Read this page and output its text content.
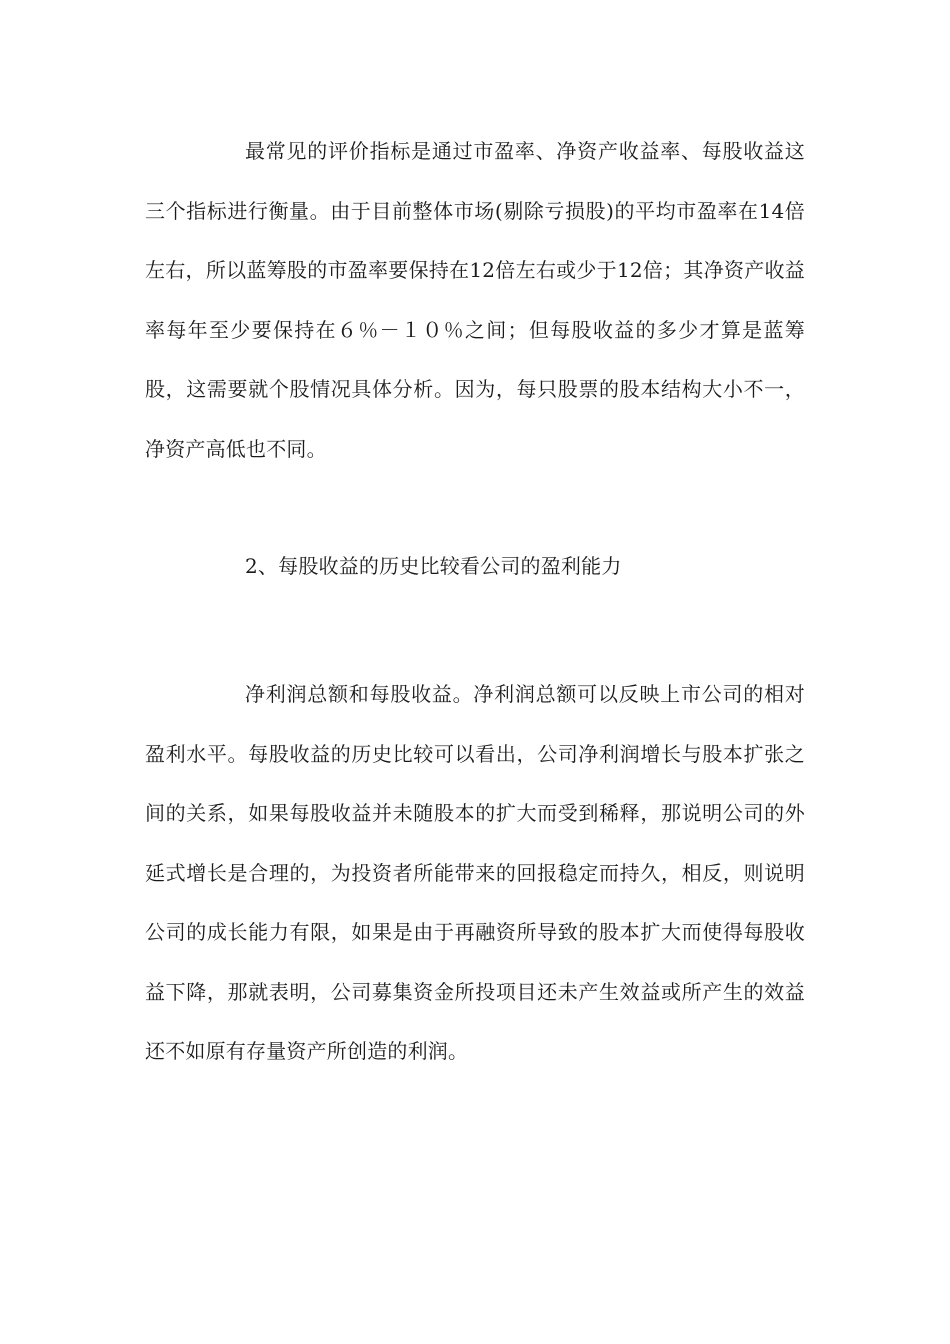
最常见的评价指标是通过市盈率、净资产收益率、每股收益这三个指标进行衡量。由于目前整体市场(剔除亏损股)的平均市盈率在14倍左右，所以蓝筹股的市盈率要保持在12倍左右或少于12倍；其净资产收益率每年至少要保持在６％－１０％之间；但每股收益的多少才算是蓝筹股，这需要就个股情况具体分析。因为，每只股票的股本结构大小不一，净资产高低也不同。

2、每股收益的历史比较看公司的盈利能力

净利润总额和每股收益。净利润总额可以反映上市公司的相对盈利水平。每股收益的历史比较可以看出，公司净利润增长与股本扩张之间的关系，如果每股收益并未随股本的扩大而受到稀释，那说明公司的外延式增长是合理的，为投资者所能带来的回报稳定而持久，相反，则说明公司的成长能力有限，如果是由于再融资所导致的股本扩大而使得每股收益下降，那就表明，公司募集资金所投项目还未产生效益或所产生的效益还不如原有存量资产所创造的利润。
